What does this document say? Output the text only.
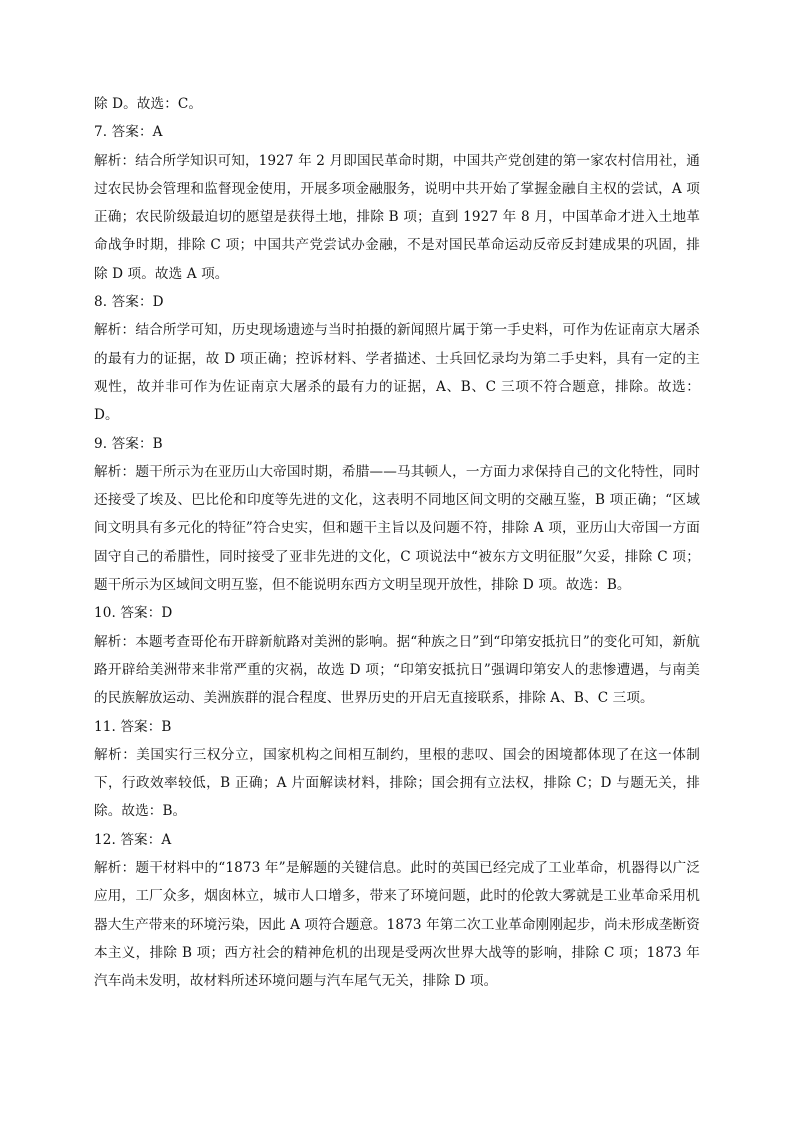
除 D。故选：C。

7. 答案：A

解析：结合所学知识可知，1927 年 2 月即国民革命时期，中国共产党创建的第一家农村信用社，通过农民协会管理和监督现金使用，开展多项金融服务，说明中共开始了掌握金融自主权的尝试，A 项正确；农民阶级最迫切的愿望是获得土地，排除 B 项；直到 1927 年 8 月，中国革命才进入土地革命战争时期，排除 C 项；中国共产党尝试办金融，不是对国民革命运动反帝反封建成果的巩固，排除 D 项。故选 A 项。

8. 答案：D

解析：结合所学可知，历史现场遗迹与当时拍摄的新闻照片属于第一手史料，可作为佐证南京大屠杀的最有力的证据，故 D 项正确；控诉材料、学者描述、士兵回忆录均为第二手史料，具有一定的主观性，故并非可作为佐证南京大屠杀的最有力的证据，A、B、C 三项不符合题意，排除。故选：D。

9. 答案：B

解析：题干所示为在亚历山大帝国时期，希腊——马其顿人，一方面力求保持自己的文化特性，同时还接受了埃及、巴比伦和印度等先进的文化，这表明不同地区间文明的交融互鉴，B 项正确；“区域间文明具有多元化的特征”符合史实，但和题干主旨以及问题不符，排除 A 项，亚历山大帝国一方面固守自己的希腊性，同时接受了亚非先进的文化，C 项说法中“被东方文明征服”欠妥，排除 C 项；题干所示为区域间文明互鉴，但不能说明东西方文明呈现开放性，排除 D 项。故选：B。

10. 答案：D

解析：本题考查哥伦布开辟新航路对美洲的影响。据“种族之日”到“印第安抵抗日”的变化可知，新航路开辟给美洲带来非常严重的灾祸，故选 D 项；“印第安抵抗日”强调印第安人的悲惨遭遇，与南美的民族解放运动、美洲族群的混合程度、世界历史的开启无直接联系，排除 A、B、C 三项。

11. 答案：B

解析：美国实行三权分立，国家机构之间相互制约，里根的悲叹、国会的困境都体现了在这一体制下，行政效率较低，B 正确；A 片面解读材料，排除；国会拥有立法权，排除 C；D 与题无关，排除。故选：B。

12. 答案：A

解析：题干材料中的“1873 年”是解题的关键信息。此时的英国已经完成了工业革命，机器得以广泛应用，工厂众多，烟囱林立，城市人口增多，带来了环境问题，此时的伦敦大雾就是工业革命采用机器大生产带来的环境污染，因此 A 项符合题意。1873 年第二次工业革命刚刚起步，尚未形成垄断资本主义，排除 B 项；西方社会的精神危机的出现是受两次世界大战等的影响，排除 C 项；1873 年汽车尚未发明，故材料所述环境问题与汽车尾气无关，排除 D 项。
